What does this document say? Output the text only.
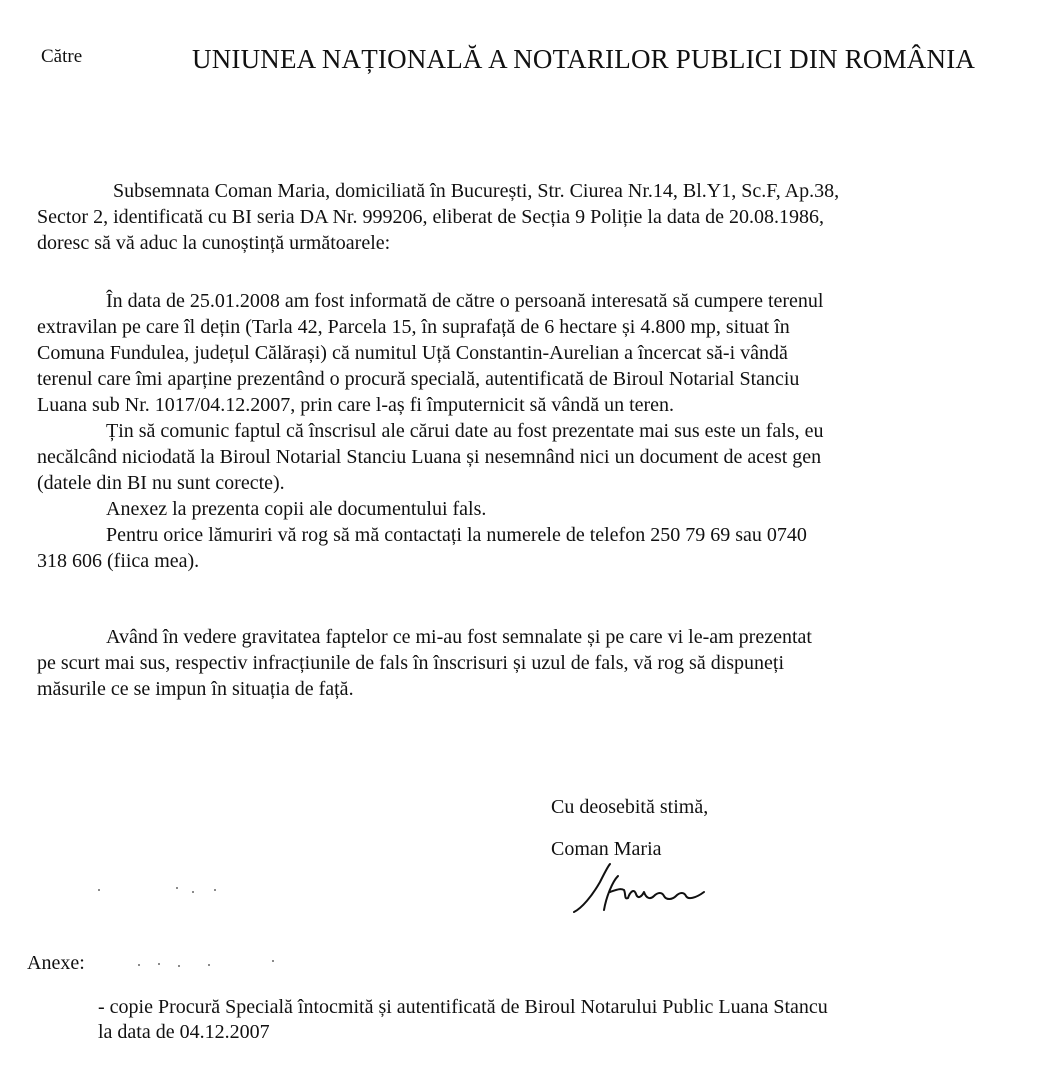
Către	UNIUNEA NAȚIONALĂ A NOTARILOR PUBLICI DIN ROMÂNIA
Subsemnata Coman Maria, domiciliată în București, Str. Ciurea Nr.14, Bl.Y1, Sc.F, Ap.38,
Sector 2, identificată cu BI seria DA Nr. 999206, eliberat de Secția 9 Poliție la data de 20.08.1986,
doresc să vă aduc la cunoștință următoarele:
În data de 25.01.2008 am fost informată de către o persoană interesată să cumpere terenul
extravilan pe care îl dețin (Tarla 42, Parcela 15, în suprafață de 6 hectare și 4.800 mp, situat în
Comuna Fundulea, județul Călărași) că numitul Uță Constantin-Aurelian a încercat să-i vândă
terenul care îmi aparține prezentând o procură specială, autentificată de Biroul Notarial Stanciu
Luana sub Nr. 1017/04.12.2007, prin care l-aș fi împuternicit să vândă un teren.
Țin să comunic faptul că înscrisul ale cărui date au fost prezentate mai sus este un fals, eu
necălcând niciodată la Biroul Notarial Stanciu Luana și nesemnând nici un document de acest gen
(datele din BI nu sunt corecte).
Anexez la prezenta copii ale documentului fals.
Pentru orice lămuriri vă rog să mă contactați la numerele de telefon 250 79 69 sau 0740
318 606 (fiica mea).
Având în vedere gravitatea faptelor ce mi-au fost semnalate și pe care vi le-am prezentat
pe scurt mai sus, respectiv infracțiunile de fals în înscrisuri și uzul de fals, vă rog să dispuneți
măsurile ce se impun în situația de față.
Cu deosebită stimă,
Coman Maria
Anexe:
- copie Procură Specială întocmită și autentificată de Biroul Notarului Public Luana Stancu
la data de 04.12.2007
